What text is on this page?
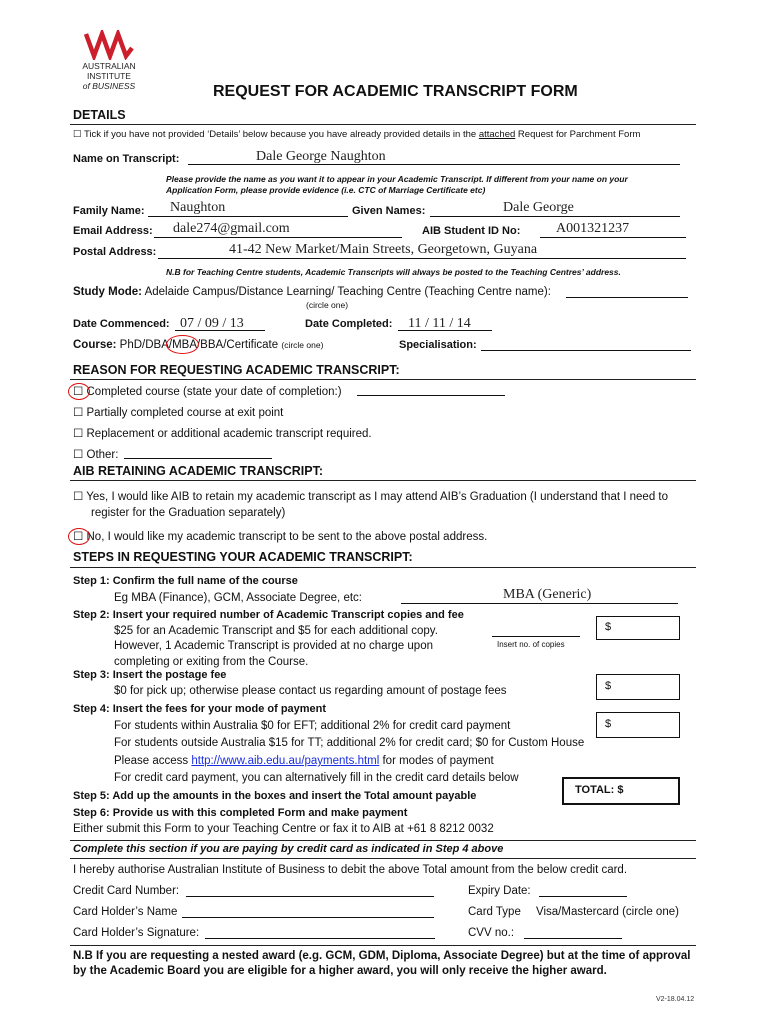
AUSTRALIAN
INSTITUTE
of BUSINESS	REQUEST FOR ACADEMIC TRANSCRIPT FORM
DETAILS
☐ Tick if you have not provided ‘Details’ below because you have already provided details in the attached Request for Parchment Form
Name on Transcript:	Dale George Naughton
Please provide the name as you want it to appear in your Academic Transcript. If different from your name on your
Application Form, please provide evidence (i.e. CTC of Marriage Certificate etc)
Family Name: Naughton	Given Names:	Dale George
Email Address: dale274@gmail.com	AIB Student ID No:	A001321237
Postal Address:	41-42 New Market/Main Streets, Georgetown, Guyana
N.B for Teaching Centre students, Academic Transcripts will always be posted to the Teaching Centres’ address.
Study Mode: Adelaide Campus/Distance Learning/ Teaching Centre (Teaching Centre name):
(circle one)
Date Commenced: 07 / 09 / 13	Date Completed: 11 / 11 / 14
Course: PhD/DBA/MBA/BBA/Certificate (circle one)	Specialisation:
REASON FOR REQUESTING ACADEMIC TRANSCRIPT:
☐ Completed course (state your date of completion:)
☐ Partially completed course at exit point
☐ Replacement or additional academic transcript required.
☐ Other:
AIB RETAINING ACADEMIC TRANSCRIPT:
☐ Yes, I would like AIB to retain my academic transcript as I may attend AIB’s Graduation (I understand that I need to
register for the Graduation separately)
☐ No, I would like my academic transcript to be sent to the above postal address.
STEPS IN REQUESTING YOUR ACADEMIC TRANSCRIPT:
Step 1: Confirm the full name of the course
Eg MBA (Finance), GCM, Associate Degree, etc:	MBA (Generic)
Step 2: Insert your required number of Academic Transcript copies and fee
$25 for an Academic Transcript and $5 for each additional copy.
However, 1 Academic Transcript is provided at no charge upon
completing or exiting from the Course.
Insert no. of copies
$
Step 3: Insert the postage fee
$0 for pick up; otherwise please contact us regarding amount of postage fees	$
Step 4: Insert the fees for your mode of payment
For students within Australia $0 for EFT; additional 2% for credit card payment
For students outside Australia $15 for TT; additional 2% for credit card; $0 for Custom House
Please access http://www.aib.edu.au/payments.html for modes of payment
For credit card payment, you can alternatively fill in the credit card details below
$
TOTAL: $
Step 5: Add up the amounts in the boxes and insert the Total amount payable
Step 6: Provide us with this completed Form and make payment
Either submit this Form to your Teaching Centre or fax it to AIB at +61 8 8212 0032
Complete this section if you are paying by credit card as indicated in Step 4 above
I hereby authorise Australian Institute of Business to debit the above Total amount from the below credit card.
Credit Card Number:	Expiry Date:
Card Holder’s Name	Card Type Visa/Mastercard (circle one)
Card Holder’s Signature:	CVV no.:
N.B If you are requesting a nested award (e.g. GCM, GDM, Diploma, Associate Degree) but at the time of approval
by the Academic Board you are eligible for a higher award, you will only receive the higher award.
V2-18.04.12
